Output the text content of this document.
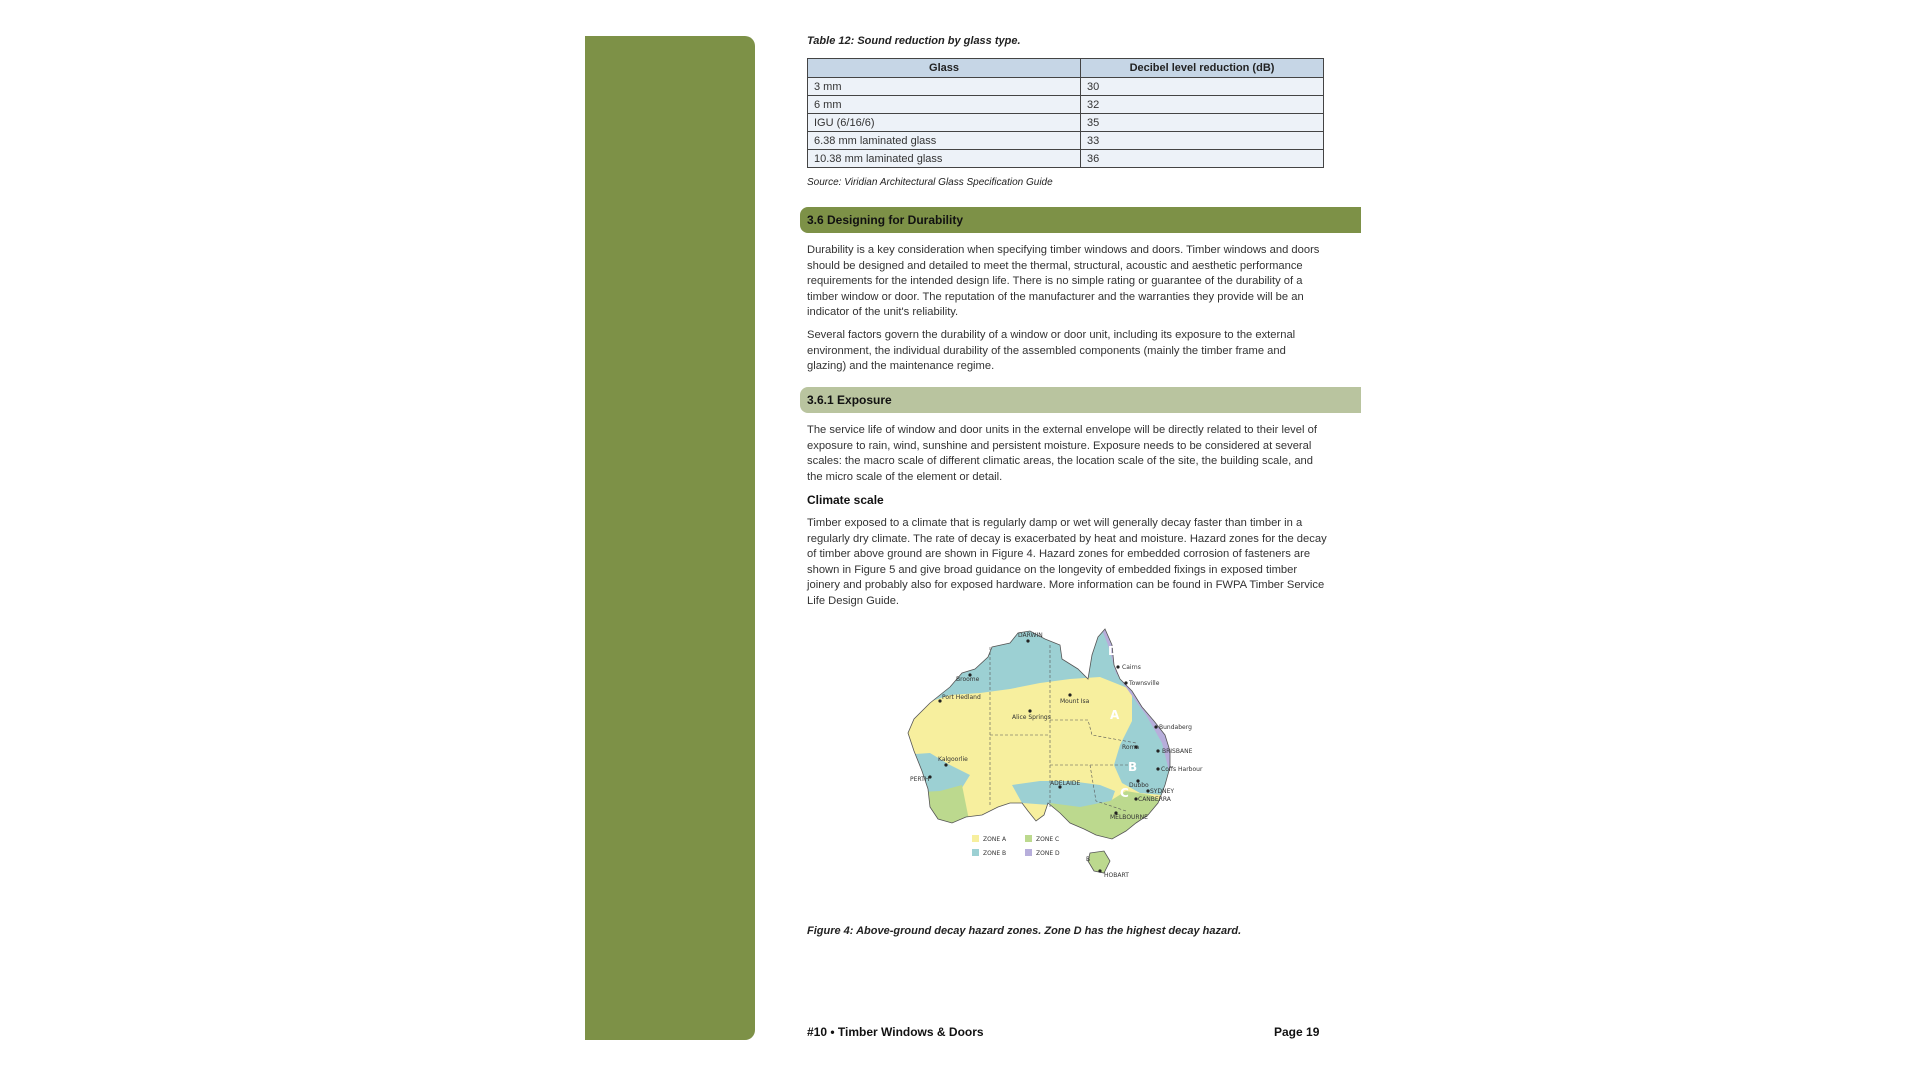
Table 12: Sound reduction by glass type.
Glass	Decibel level reduction (dB)
3 mm	30
6 mm	32
IGU (6/16/6)	35
6.38 mm laminated glass	33
10.38 mm laminated glass	36
Source: Viridian Architectural Glass Specification Guide
3.6 Designing for Durability

Durability is a key consideration when specifying timber windows and doors. Timber windows and doors should be designed and detailed to meet the thermal, structural, acoustic and aesthetic performance requirements for the intended design life. There is no simple rating or guarantee of the durability of a timber window or door. The reputation of the manufacturer and the warranties they provide will be an indicator of the unit's reliability.

Several factors govern the durability of a window or door unit, including its exposure to the external environment, the individual durability of the assembled components (mainly the timber frame and glazing) and the maintenance regime.

3.6.1 Exposure

The service life of window and door units in the external envelope will be directly related to their level of exposure to rain, wind, sunshine and persistent moisture. Exposure needs to be considered at several scales: the macro scale of different climatic areas, the location scale of the site, the building scale, and the micro scale of the element or detail.

Climate scale

Timber exposed to a climate that is regularly damp or wet will generally decay faster than timber in a regularly dry climate. The rate of decay is exacerbated by heat and moisture. Hazard zones for the decay of timber above ground are shown in Figure 4. Hazard zones for embedded corrosion of fasteners are shown in Figure 5 and give broad guidance on the longevity of embedded fixings in exposed timber joinery and probably also for exposed hardware. More information can be found in FWPA Timber Service Life Design Guide.

DARWIN
Cairns
Townsville
Broome
Port Hedland
Mount Isa
Alice Springs
Bundaberg
BRISBANE
Roma
Coffs Harbour
Dubbo
SYDNEY
CANBERRA
ADELAIDE
MELBOURNE
Kalgoorlie
PERTH
HOBART
A
B
C
D
B
ZONE A	ZONE C
ZONE B	ZONE D
Figure 4: Above-ground decay hazard zones. Zone D has the highest decay hazard.
#10 • Timber Windows & Doors	Page 19
